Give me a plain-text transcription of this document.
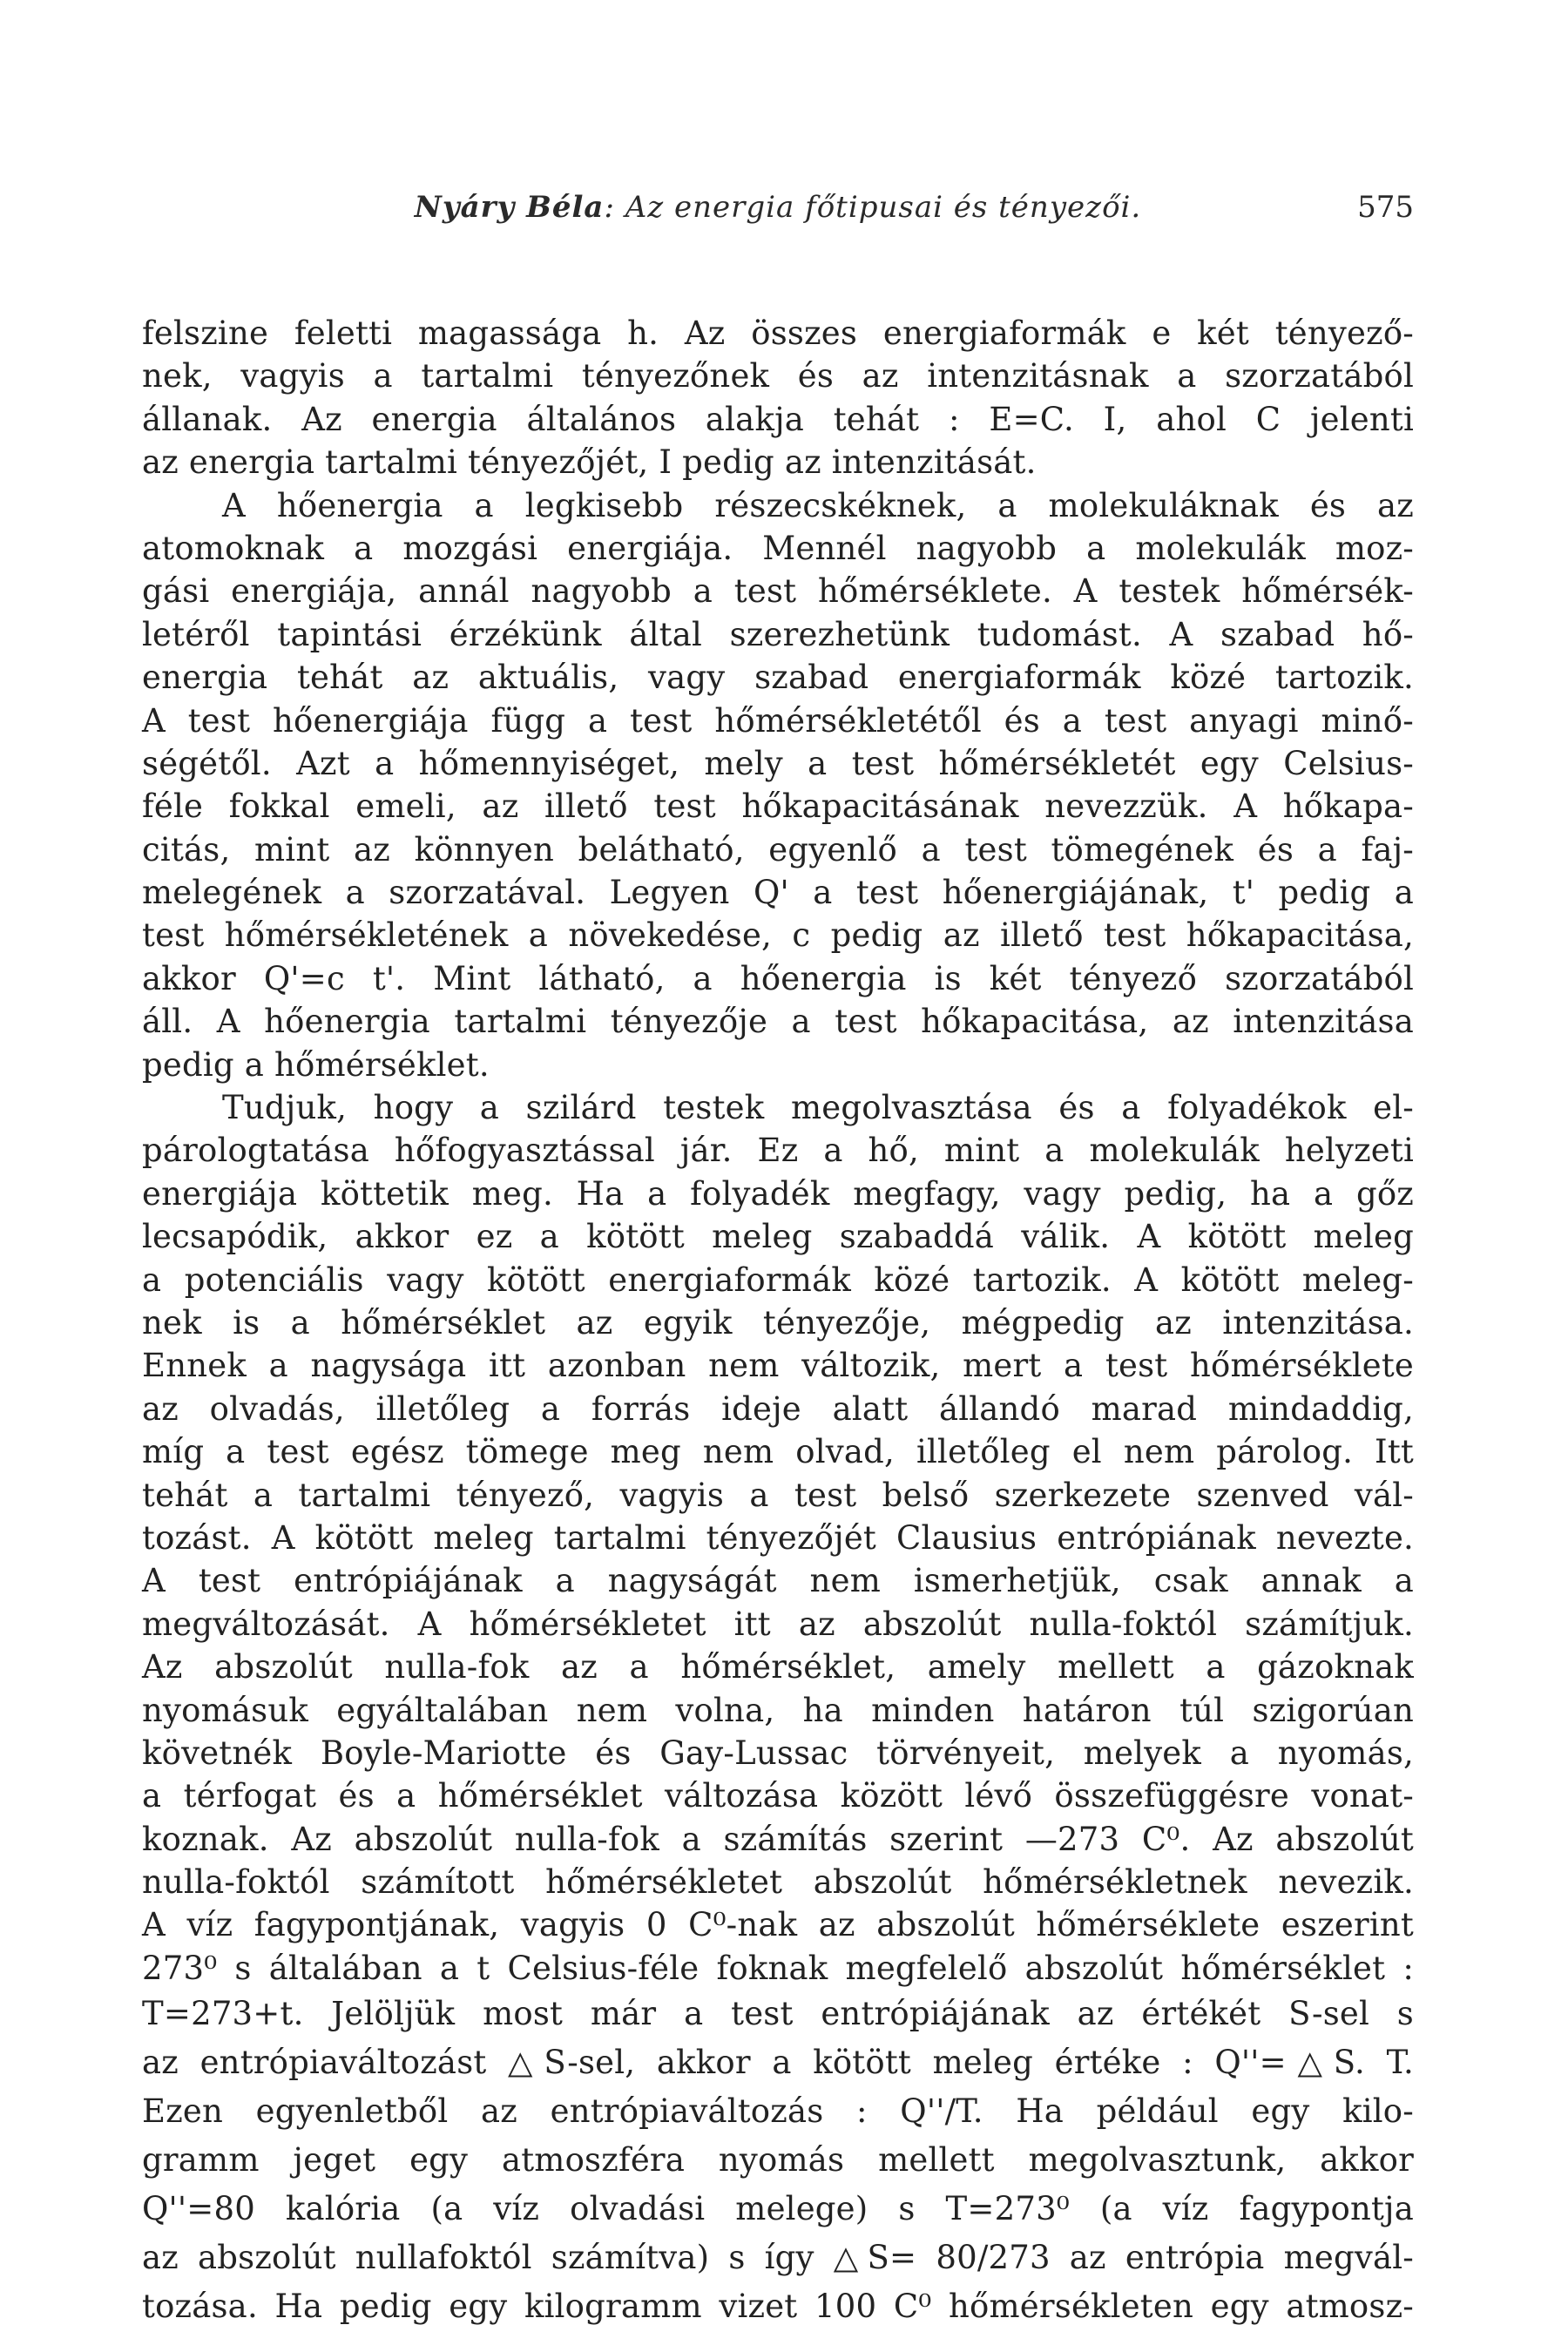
Nyáry Béla: Az energia főtipusai és tényezői.	575
felszine feletti magassága h. Az összes energiaformák e két tényező-
nek, vagyis a tartalmi tényezőnek és az intenzitásnak a szorzatából
állanak. Az energia általános alakja tehát : E=C. I, ahol C jelenti
az energia tartalmi tényezőjét, I pedig az intenzitását.
A hőenergia a legkisebb részecskéknek, a molekuláknak és az
atomoknak a mozgási energiája. Mennél nagyobb a molekulák moz-
gási energiája, annál nagyobb a test hőmérséklete. A testek hőmérsék-
letéről tapintási érzékünk által szerezhetünk tudomást. A szabad hő-
energia tehát az aktuális, vagy szabad energiaformák közé tartozik.
A test hőenergiája függ a test hőmérsékletétől és a test anyagi minő-
ségétől. Azt a hőmennyiséget, mely a test hőmérsékletét egy Celsius-
féle fokkal emeli, az illető test hőkapacitásának nevezzük. A hőkapa-
citás, mint az könnyen belátható, egyenlő a test tömegének és a faj-
melegének a szorzatával. Legyen Q' a test hőenergiájának, t' pedig a
test hőmérsékletének a növekedése, c pedig az illető test hőkapacitása,
akkor Q'=c t'. Mint látható, a hőenergia is két tényező szorzatából
áll. A hőenergia tartalmi tényezője a test hőkapacitása, az intenzitása
pedig a hőmérséklet.
Tudjuk, hogy a szilárd testek megolvasztása és a folyadékok el-
párologtatása hőfogyasztással jár. Ez a hő, mint a molekulák helyzeti
energiája köttetik meg. Ha a folyadék megfagy, vagy pedig, ha a gőz
lecsapódik, akkor ez a kötött meleg szabaddá válik. A kötött meleg
a potenciális vagy kötött energiaformák közé tartozik. A kötött meleg-
nek is a hőmérséklet az egyik tényezője, mégpedig az intenzitása.
Ennek a nagysága itt azonban nem változik, mert a test hőmérséklete
az olvadás, illetőleg a forrás ideje alatt állandó marad mindaddig,
míg a test egész tömege meg nem olvad, illetőleg el nem párolog. Itt
tehát a tartalmi tényező, vagyis a test belső szerkezete szenved vál-
tozást. A kötött meleg tartalmi tényezőjét Clausius entrópiának nevezte.
A test entrópiájának a nagyságát nem ismerhetjük, csak annak a
megváltozását. A hőmérsékletet itt az abszolút nulla-foktól számítjuk.
Az abszolút nulla-fok az a hőmérséklet, amely mellett a gázoknak
nyomásuk egyáltalában nem volna, ha minden határon túl szigorúan
követnék Boyle-Mariotte és Gay-Lussac törvényeit, melyek a nyomás,
a térfogat és a hőmérséklet változása között lévő összefüggésre vonat-
koznak. Az abszolút nulla-fok a számítás szerint —273 C⁰. Az abszolút
nulla-foktól számított hőmérsékletet abszolút hőmérsékletnek nevezik.
A víz fagypontjának, vagyis 0 C⁰-nak az abszolút hőmérséklete eszerint
273⁰ s általában a t Celsius-féle foknak megfelelő abszolút hőmérséklet :
T=273+t. Jelöljük most már a test entrópiájának az értékét S-sel s
az entrópiaváltozást △S-sel, akkor a kötött meleg értéke : Q''=△S. T.
Ezen egyenletből az entrópiaváltozás : Q''/T. Ha például egy kilo-
gramm jeget egy atmoszféra nyomás mellett megolvasztunk, akkor
Q''=80 kalória (a víz olvadási melege) s T=273⁰ (a víz fagypontja
az abszolút nullafoktól számítva) s így △S= 80/273 az entrópia megvál-
tozása. Ha pedig egy kilogramm vizet 100 C⁰ hőmérsékleten egy atmosz-
